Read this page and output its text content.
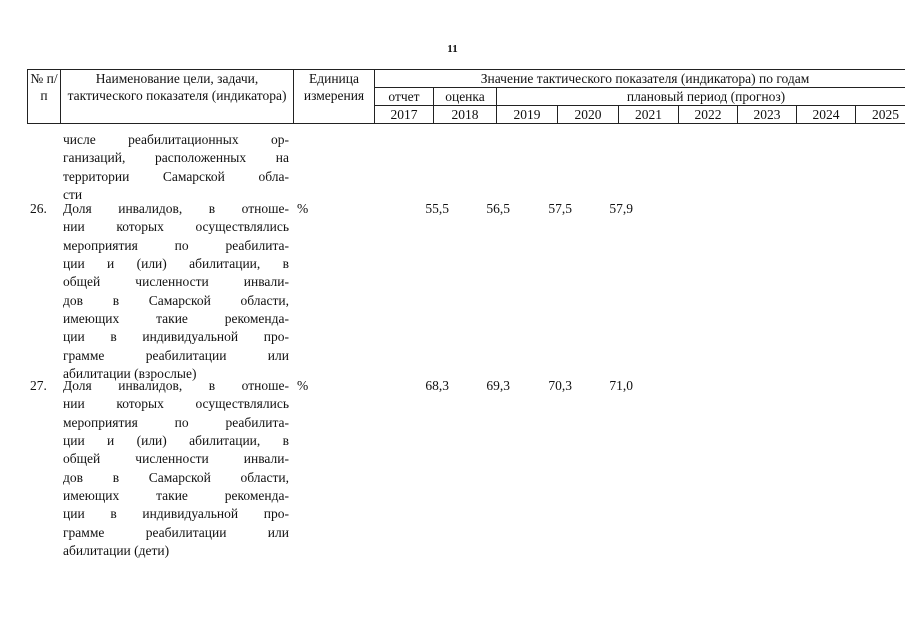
11
№ п/п	Наименование цели, задачи, тактического показателя (индикатора)	Единица измерения	Значение тактического показателя (индикатора) по годам								
			отчет	оценка	плановый период (прогноз)						
			2017	2018	2019	2020	2021	2022	2023	2024	2025
числе реабилитационных ор-
ганизаций, расположенных на
территории Самарской обла-
сти
26. Доля инвалидов, в отноше-
нии которых осуществлялись
мероприятия по реабилита-
ции и (или) абилитации, в
общей численности инвали-
дов в Самарской области,
имеющих такие рекоменда-
ции в индивидуальной про-
грамме реабилитации или
абилитации (взрослые)
%	55,5	56,5	57,5	57,9
27. Доля инвалидов, в отноше-
нии которых осуществлялись
мероприятия по реабилита-
ции и (или) абилитации, в
общей численности инвали-
дов в Самарской области,
имеющих такие рекоменда-
ции в индивидуальной про-
грамме реабилитации или
абилитации (дети)
%	68,3	69,3	70,3	71,0
